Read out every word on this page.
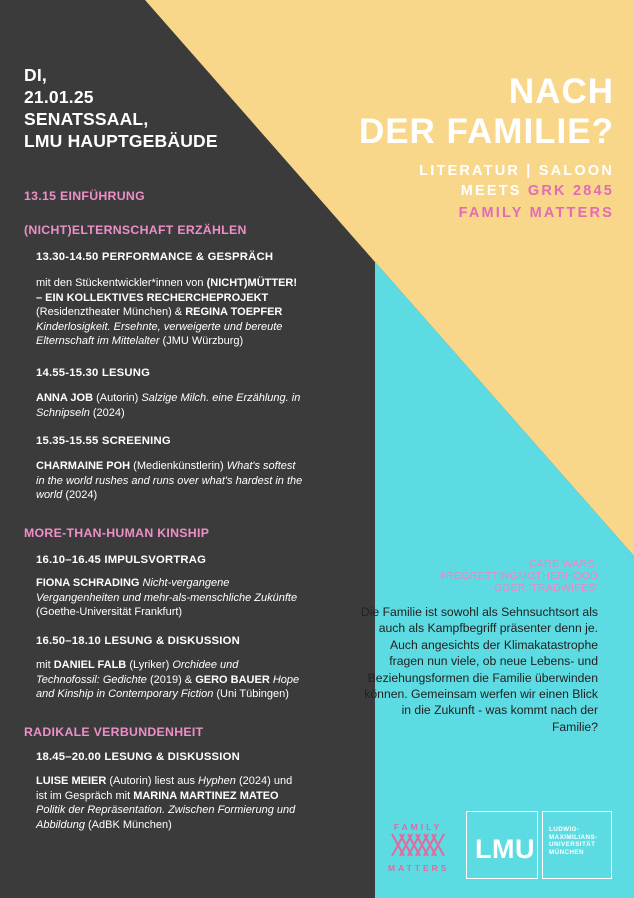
DI,
21.01.25
SENATSSAAL,
LMU HAUPTGEBÄUDE
NACH
DER FAMILIE?
LITERATUR | SALOON
MEETS GRK 2845
FAMILY MATTERS
13.15 EINFÜHRUNG
(NICHT)ELTERNSCHAFT ERZÄHLEN
13.30-14.50 PERFORMANCE & GESPRÄCH
mit den Stückentwickler*innen von (NICHT)MÜTTER!
– EIN KOLLEKTIVES RECHERCHEPROJEKT
(Residenztheater München) & REGINA TOEPFER
Kinderlosigkeit. Ersehnte, verweigerte und bereute
Elternschaft im Mittelalter (JMU Würzburg)
14.55-15.30 LESUNG
ANNA JOB (Autorin) Salzige Milch. eine Erzählung. in
Schnipseln (2024)
15.35-15.55 SCREENING
CHARMAINE POH (Medienkünstlerin) What's softest
in the world rushes and runs over what's hardest in the
world (2024)
MORE-THAN-HUMAN KINSHIP
16.10–16.45 IMPULSVORTRAG
FIONA SCHRADING Nicht-vergangene
Vergangenheiten und mehr-als-menschliche Zukünfte
(Goethe-Universität Frankfurt)
16.50–18.10 LESUNG & DISKUSSION
mit DANIEL FALB (Lyriker) Orchidee und
Technofossil: Gedichte (2019) & GERO BAUER Hope
and Kinship in Contemporary Fiction (Uni Tübingen)
RADIKALE VERBUNDENHEIT
18.45–20.00 LESUNG & DISKUSSION
LUISE MEIER (Autorin) liest aus Hyphen (2024) und
ist im Gespräch mit MARINA MARTINEZ MATEO
Politik der Repräsentation. Zwischen Formierung und
Abbildung (AdBK München)
CARE WARS,
#REGRETTINGMOTHERHOOD
ODER 'TRADWIFES'
Die Familie ist sowohl als Sehnsuchtsort als auch als Kampfbegriff präsenter denn je. Auch angesichts der Klimakatastrophe fragen nun viele, ob neue Lebens- und Beziehungsformen die Familie überwinden können. Gemeinsam werfen wir einen Blick in die Zukunft - was kommt nach der Familie?
FAMILY
MATTERS
LMU
LUDWIG-
MAXIMILIANS-
UNIVERSITÄT
MÜNCHEN
